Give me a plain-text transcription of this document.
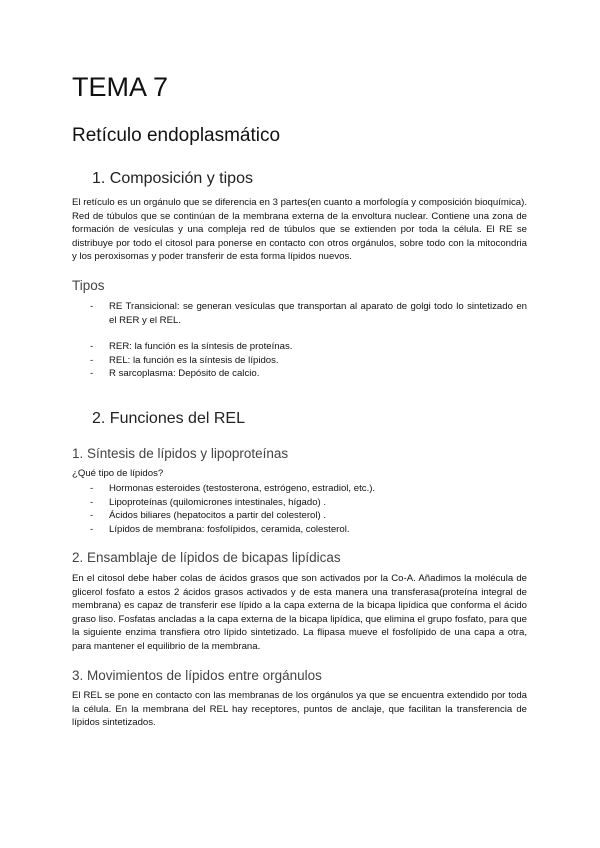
TEMA 7
Retículo endoplasmático
1. Composición y tipos

El retículo es un orgánulo que se diferencia en 3 partes(en cuanto a morfología y composición bioquímica). Red de túbulos que se continúan de la membrana externa de la envoltura nuclear. Contiene una zona de formación de vesículas y una compleja red de túbulos que se extienden por toda la célula. El RE se distribuye por todo el citosol para ponerse en contacto con otros orgánulos, sobre todo con la mitocondria y los peroxisomas y poder transferir de esta forma lípidos nuevos.

Tipos
- RE Transicional: se generan vesículas que transportan al aparato de golgi todo lo sintetizado en el RER y el REL.
- RER: la función es la síntesis de proteínas.
- REL: la función es la síntesis de lípidos.
- R sarcoplasma: Depósito de calcio.
2. Funciones del REL
1. Síntesis de lípidos y lipoproteínas
¿Qué tipo de lípidos?
- Hormonas esteroides (testosterona, estrógeno, estradiol, etc.).
- Lipoproteínas (quilomicrones intestinales, hígado) .
- Ácidos biliares (hepatocitos a partir del colesterol) .
- Lípidos de membrana: fosfolípidos, ceramida, colesterol.
2. Ensamblaje de lípidos de bicapas lipídicas

En el citosol debe haber colas de ácidos grasos que son activados por la Co-A. Añadimos la molécula de glicerol fosfato a estos 2 ácidos grasos activados y de esta manera una transferasa(proteína integral de membrana) es capaz de transferir ese lípido a la capa externa de la bicapa lipídica que conforma el ácido graso liso. Fosfatas ancladas a la capa externa de la bicapa lipídica, que elimina el grupo fosfato, para que la siguiente enzima transfiera otro lípido sintetizado. La flipasa mueve el fosfolípido de una capa a otra, para mantener el equilibrio de la membrana.

3. Movimientos de lípidos entre orgánulos

El REL se pone en contacto con las membranas de los orgánulos ya que se encuentra extendido por toda la célula. En la membrana del REL hay receptores, puntos de anclaje, que facilitan la transferencia de lípidos sintetizados.
